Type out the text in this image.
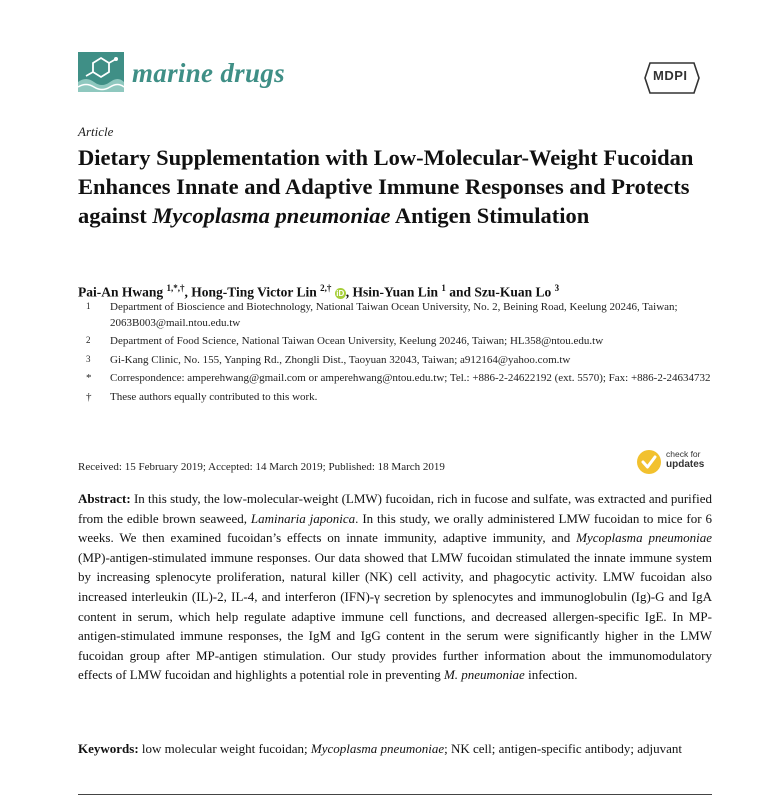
marine drugs	MDPI
Article
Dietary Supplementation with Low-Molecular-Weight Fucoidan Enhances Innate and Adaptive Immune Responses and Protects against Mycoplasma pneumoniae Antigen Stimulation
Pai-An Hwang $^{1,*,\dagger}$, Hong-Ting Victor Lin $^{2,\dagger}$ iD , Hsin-Yuan Lin $^1$ and Szu-Kuan Lo $^3$
1 Department of Bioscience and Biotechnology, National Taiwan Ocean University, No. 2, Beining Road, Keelung 20246, Taiwan; 2063B003@mail.ntou.edu.tw
2 Department of Food Science, National Taiwan Ocean University, Keelung 20246, Taiwan; HL358@ntou.edu.tw
3 Gi-Kang Clinic, No. 155, Yanping Rd., Zhongli Dist., Taoyuan 32043, Taiwan; a912164@yahoo.com.tw
* Correspondence: amperehwang@gmail.com or amperehwang@ntou.edu.tw; Tel.: +886-2-24622192 (ext. 5570); Fax: +886-2-24634732
† These authors equally contributed to this work.
Received: 15 February 2019; Accepted: 14 March 2019; Published: 18 March 2019
check for
updates
Abstract: In this study, the low-molecular-weight (LMW) fucoidan, rich in fucose and sulfate, was extracted and purified from the edible brown seaweed, Laminaria japonica. In this study, we orally administered LMW fucoidan to mice for 6 weeks. We then examined fucoidan’s effects on innate immunity, adaptive immunity, and Mycoplasma pneumoniae (MP)-antigen-stimulated immune responses. Our data showed that LMW fucoidan stimulated the innate immune system by increasing splenocyte proliferation, natural killer (NK) cell activity, and phagocytic activity. LMW fucoidan also increased interleukin (IL)-2, IL-4, and interferon (IFN)-γ secretion by splenocytes and immunoglobulin (Ig)-G and IgA content in serum, which help regulate adaptive immune cell functions, and decreased allergen-specific IgE. In MP-antigen-stimulated immune responses, the IgM and IgG content in the serum were significantly higher in the LMW fucoidan group after MP-antigen stimulation. Our study provides further information about the immunomodulatory effects of LMW fucoidan and highlights a potential role in preventing M. pneumoniae infection.
Keywords: low molecular weight fucoidan; Mycoplasma pneumoniae; NK cell; antigen-specific antibody; adjuvant
